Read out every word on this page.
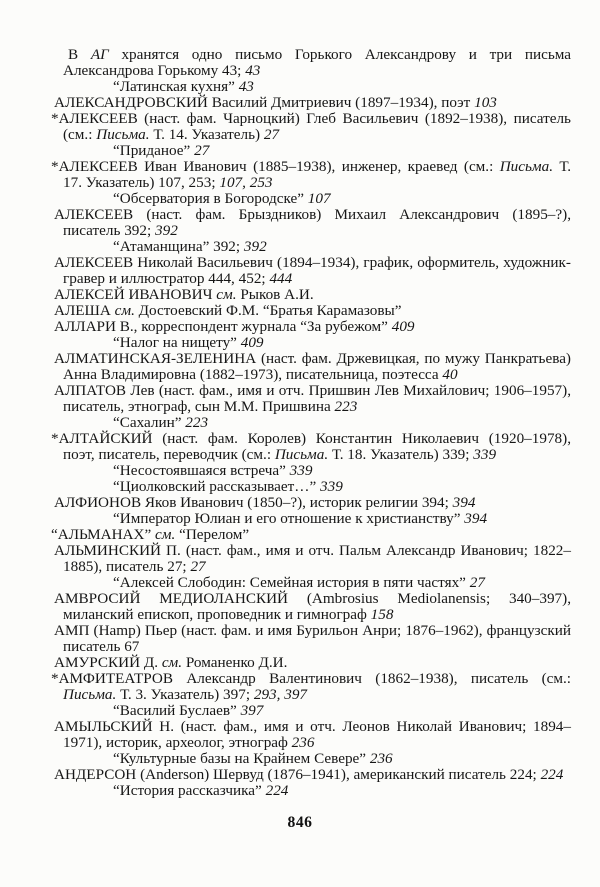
В АГ хранятся одно письмо Горького Александрову и три письма Александрова Горькому 43; 43

“Латинская кухня” 43

АЛЕКСАНДРОВСКИЙ Василий Дмитриевич (1897–1934), поэт 103

*АЛЕКСЕЕВ (наст. фам. Чарноцкий) Глеб Васильевич (1892–1938), писатель (см.: Письма. Т. 14. Указатель) 27

“Приданое” 27

*АЛЕКСЕЕВ Иван Иванович (1885–1938), инженер, краевед (см.: Письма. Т. 17. Указатель) 107, 253; 107, 253

“Обсерватория в Богородске” 107

АЛЕКСЕЕВ (наст. фам. Брыздников) Михаил Александрович (1895–?), писатель 392; 392

“Атаманщина” 392; 392

АЛЕКСЕЕВ Николай Васильевич (1894–1934), график, оформитель, художник-гравер и иллюстратор 444, 452; 444

АЛЕКСЕЙ ИВАНОВИЧ см. Рыков А.И.

АЛЕША см. Достоевский Ф.М. “Братья Карамазовы”

АЛЛАРИ В., корреспондент журнала “За рубежом” 409

“Налог на нищету” 409

АЛМАТИНСКАЯ-ЗЕЛЕНИНА (наст. фам. Држевицкая, по мужу Панкратьева) Анна Владимировна (1882–1973), писательница, поэтесса 40

АЛПАТОВ Лев (наст. фам., имя и отч. Пришвин Лев Михайлович; 1906–1957), писатель, этнограф, сын М.М. Пришвина 223

“Сахалин” 223

*АЛТАЙСКИЙ (наст. фам. Королев) Константин Николаевич (1920–1978), поэт, писатель, переводчик (см.: Письма. Т. 18. Указатель) 339; 339

“Несостоявшаяся встреча” 339

“Циолковский рассказывает…” 339

АЛФИОНОВ Яков Иванович (1850–?), историк религии 394; 394

“Император Юлиан и его отношение к христианству” 394

“АЛЬМАНАХ” см. “Перелом”

АЛЬМИНСКИЙ П. (наст. фам., имя и отч. Пальм Александр Иванович; 1822–1885), писатель 27; 27

“Алексей Слободин: Семейная история в пяти частях” 27

АМВРОСИЙ МЕДИОЛАНСКИЙ (Ambrosius Mediolanensis; 340–397), миланский епископ, проповедник и гимнограф 158

АМП (Hamp) Пьер (наст. фам. и имя Бурильон Анри; 1876–1962), французский писатель 67

АМУРСКИЙ Д. см. Романенко Д.И.

*АМФИТЕАТРОВ Александр Валентинович (1862–1938), писатель (см.: Письма. Т. 3. Указатель) 397; 293, 397

“Василий Буслаев” 397

АМЫЛЬСКИЙ Н. (наст. фам., имя и отч. Леонов Николай Иванович; 1894–1971), историк, археолог, этнограф 236

“Культурные базы на Крайнем Севере” 236

АНДЕРСОН (Anderson) Шервуд (1876–1941), американский писатель 224; 224

“История рассказчика” 224

846
